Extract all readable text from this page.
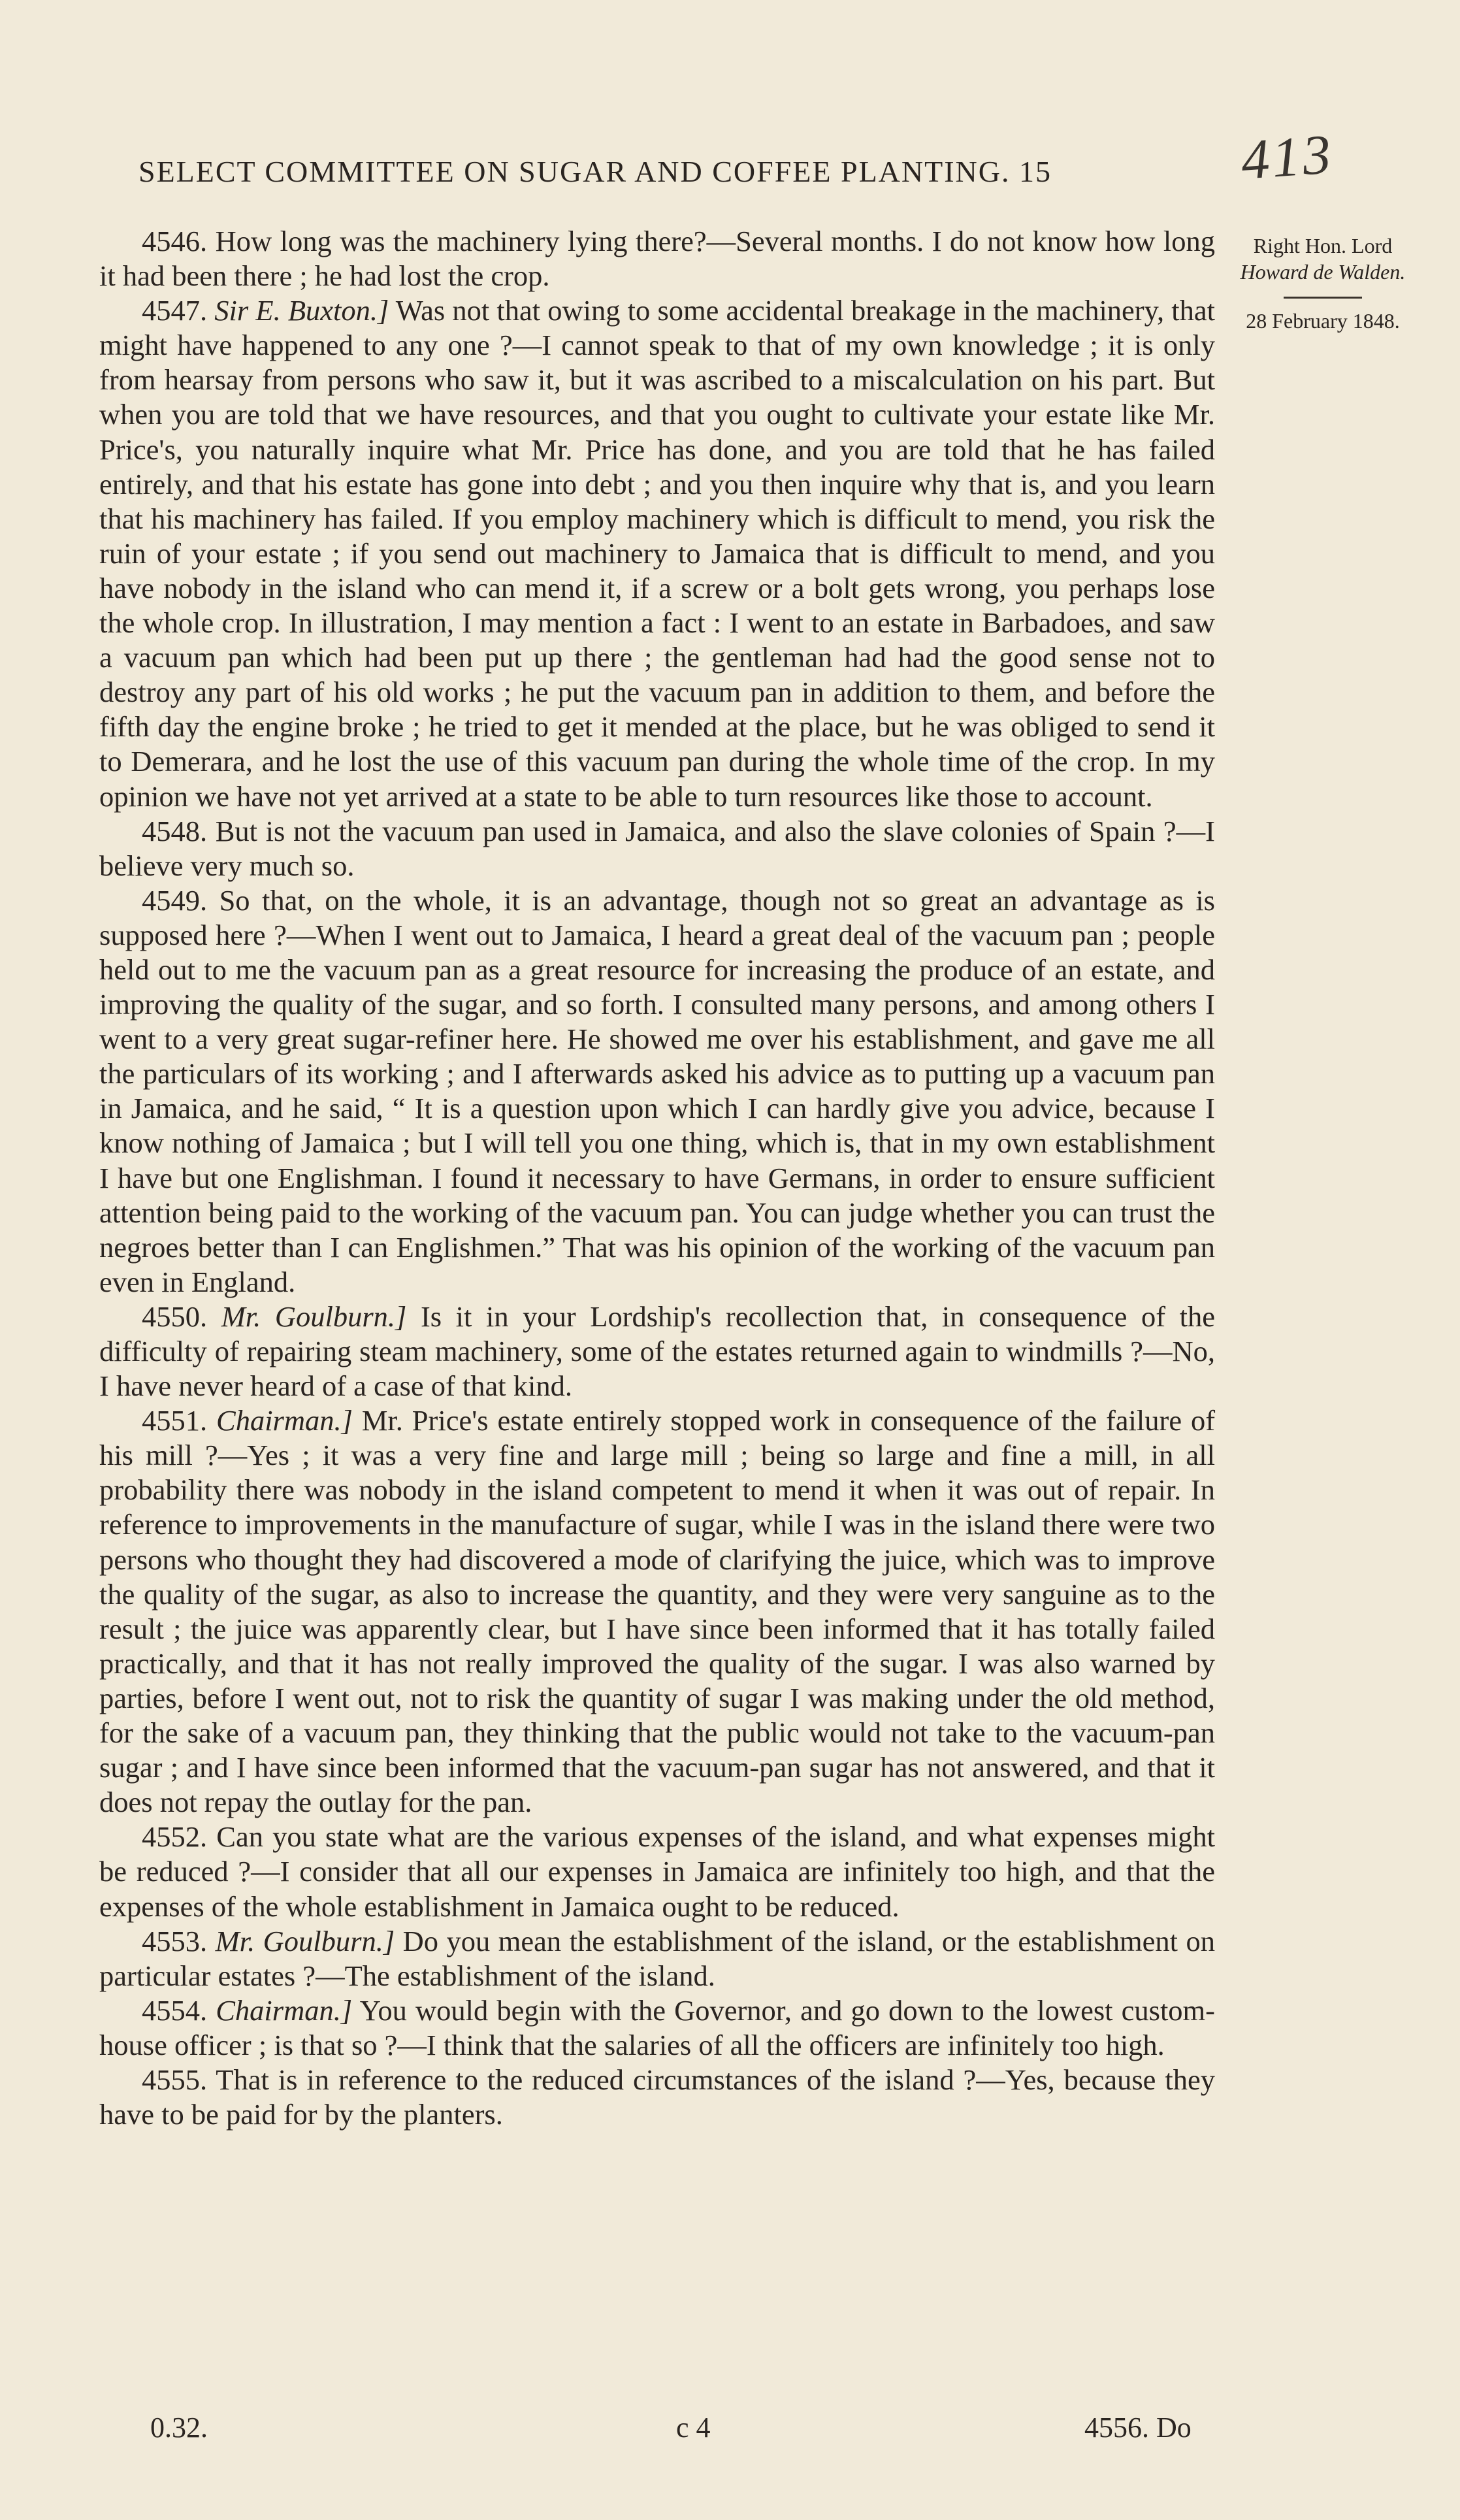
SELECT COMMITTEE ON SUGAR AND COFFEE PLANTING. 15	413
Right Hon. Lord
Howard de Walden.
28 February 1848.

4546. How long was the machinery lying there?—Several months. I do not know how long it had been there ; he had lost the crop.

4547. Sir E. Buxton.] Was not that owing to some accidental breakage in the machinery, that might have happened to any one ?—I cannot speak to that of my own knowledge ; it is only from hearsay from persons who saw it, but it was ascribed to a miscalculation on his part. But when you are told that we have resources, and that you ought to cultivate your estate like Mr. Price's, you naturally inquire what Mr. Price has done, and you are told that he has failed entirely, and that his estate has gone into debt ; and you then inquire why that is, and you learn that his machinery has failed. If you employ machinery which is difficult to mend, you risk the ruin of your estate ; if you send out machinery to Jamaica that is difficult to mend, and you have nobody in the island who can mend it, if a screw or a bolt gets wrong, you perhaps lose the whole crop. In illustration, I may mention a fact : I went to an estate in Barbadoes, and saw a vacuum pan which had been put up there ; the gentleman had had the good sense not to destroy any part of his old works ; he put the vacuum pan in addition to them, and before the fifth day the engine broke ; he tried to get it mended at the place, but he was obliged to send it to Demerara, and he lost the use of this vacuum pan during the whole time of the crop. In my opinion we have not yet arrived at a state to be able to turn resources like those to account.

4548. But is not the vacuum pan used in Jamaica, and also the slave colonies of Spain ?—I believe very much so.

4549. So that, on the whole, it is an advantage, though not so great an advantage as is supposed here ?—When I went out to Jamaica, I heard a great deal of the vacuum pan ; people held out to me the vacuum pan as a great resource for increasing the produce of an estate, and improving the quality of the sugar, and so forth. I consulted many persons, and among others I went to a very great sugar-refiner here. He showed me over his establishment, and gave me all the particulars of its working ; and I afterwards asked his advice as to putting up a vacuum pan in Jamaica, and he said, “ It is a question upon which I can hardly give you advice, because I know nothing of Jamaica ; but I will tell you one thing, which is, that in my own establishment I have but one Englishman. I found it necessary to have Germans, in order to ensure sufficient attention being paid to the working of the vacuum pan. You can judge whether you can trust the negroes better than I can Englishmen.” That was his opinion of the working of the vacuum pan even in England.

4550. Mr. Goulburn.] Is it in your Lordship's recollection that, in consequence of the difficulty of repairing steam machinery, some of the estates returned again to windmills ?—No, I have never heard of a case of that kind.

4551. Chairman.] Mr. Price's estate entirely stopped work in consequence of the failure of his mill ?—Yes ; it was a very fine and large mill ; being so large and fine a mill, in all probability there was nobody in the island competent to mend it when it was out of repair. In reference to improvements in the manufacture of sugar, while I was in the island there were two persons who thought they had discovered a mode of clarifying the juice, which was to improve the quality of the sugar, as also to increase the quantity, and they were very sanguine as to the result ; the juice was apparently clear, but I have since been informed that it has totally failed practically, and that it has not really improved the quality of the sugar. I was also warned by parties, before I went out, not to risk the quantity of sugar I was making under the old method, for the sake of a vacuum pan, they thinking that the public would not take to the vacuum-pan sugar ; and I have since been informed that the vacuum-pan sugar has not answered, and that it does not repay the outlay for the pan.

4552. Can you state what are the various expenses of the island, and what expenses might be reduced ?—I consider that all our expenses in Jamaica are infinitely too high, and that the expenses of the whole establishment in Jamaica ought to be reduced.

4553. Mr. Goulburn.] Do you mean the establishment of the island, or the establishment on particular estates ?—The establishment of the island.

4554. Chairman.] You would begin with the Governor, and go down to the lowest custom-house officer ; is that so ?—I think that the salaries of all the officers are infinitely too high.

4555. That is in reference to the reduced circumstances of the island ?—Yes, because they have to be paid for by the planters.

0.32.	c 4	4556. Do
